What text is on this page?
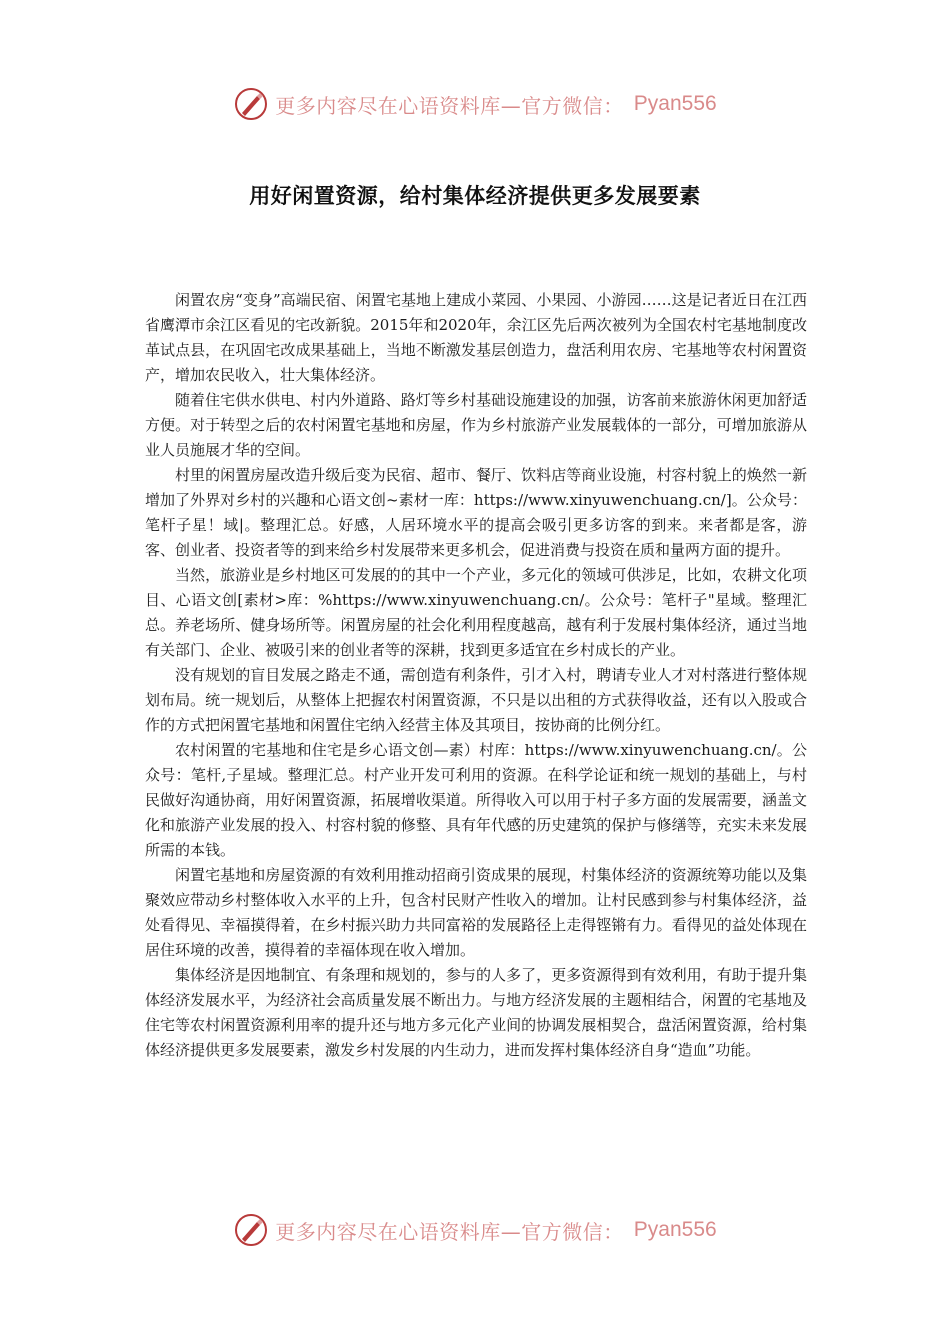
更多内容尽在心语资料库—官方微信： Pyan556
用好闲置资源，给村集体经济提供更多发展要素

闲置农房“变身”高端民宿、闲置宅基地上建成小菜园、小果园、小游园……这是记者近日在江西省鹰潭市余江区看见的宅改新貌。2015年和2020年，余江区先后两次被列为全国农村宅基地制度改革试点县，在巩固宅改成果基础上，当地不断激发基层创造力，盘活利用农房、宅基地等农村闲置资产，增加农民收入，壮大集体经济。

随着住宅供水供电、村内外道路、路灯等乡村基础设施建设的加强，访客前来旅游休闲更加舒适方便。对于转型之后的农村闲置宅基地和房屋，作为乡村旅游产业发展载体的一部分，可增加旅游从业人员施展才华的空间。

村里的闲置房屋改造升级后变为民宿、超市、餐厅、饮料店等商业设施，村容村貌上的焕然一新增加了外界对乡村的兴趣和心语文创~素材一库：https://www.xinyuwenchuang.cn/]。公众号：笔杆子星！域|。整理汇总。好感，人居环境水平的提高会吸引更多访客的到来。来者都是客，游客、创业者、投资者等的到来给乡村发展带来更多机会，促进消费与投资在质和量两方面的提升。

当然，旅游业是乡村地区可发展的的其中一个产业，多元化的领域可供涉足，比如，农耕文化项目、心语文创[素材>库：%https://www.xinyuwenchuang.cn/。公众号：笔杆子"星域。整理汇总。养老场所、健身场所等。闲置房屋的社会化利用程度越高，越有利于发展村集体经济，通过当地有关部门、企业、被吸引来的创业者等的深耕，找到更多适宜在乡村成长的产业。

没有规划的盲目发展之路走不通，需创造有利条件，引才入村，聘请专业人才对村落进行整体规划布局。统一规划后，从整体上把握农村闲置资源，不只是以出租的方式获得收益，还有以入股或合作的方式把闲置宅基地和闲置住宅纳入经营主体及其项目，按协商的比例分红。

农村闲置的宅基地和住宅是乡心语文创—素）村库：https://www.xinyuwenchuang.cn/。公众号：笔杆,子星域。整理汇总。村产业开发可利用的资源。在科学论证和统一规划的基础上，与村民做好沟通协商，用好闲置资源，拓展增收渠道。所得收入可以用于村子多方面的发展需要，涵盖文化和旅游产业发展的投入、村容村貌的修整、具有年代感的历史建筑的保护与修缮等，充实未来发展所需的本钱。

闲置宅基地和房屋资源的有效利用推动招商引资成果的展现，村集体经济的资源统筹功能以及集聚效应带动乡村整体收入水平的上升，包含村民财产性收入的增加。让村民感到参与村集体经济，益处看得见、幸福摸得着，在乡村振兴助力共同富裕的发展路径上走得铿锵有力。看得见的益处体现在居住环境的改善，摸得着的幸福体现在收入增加。

集体经济是因地制宜、有条理和规划的，参与的人多了，更多资源得到有效利用，有助于提升集体经济发展水平，为经济社会高质量发展不断出力。与地方经济发展的主题相结合，闲置的宅基地及住宅等农村闲置资源利用率的提升还与地方多元化产业间的协调发展相契合，盘活闲置资源，给村集体经济提供更多发展要素，激发乡村发展的内生动力，进而发挥村集体经济自身“造血”功能。

更多内容尽在心语资料库—官方微信： Pyan556
